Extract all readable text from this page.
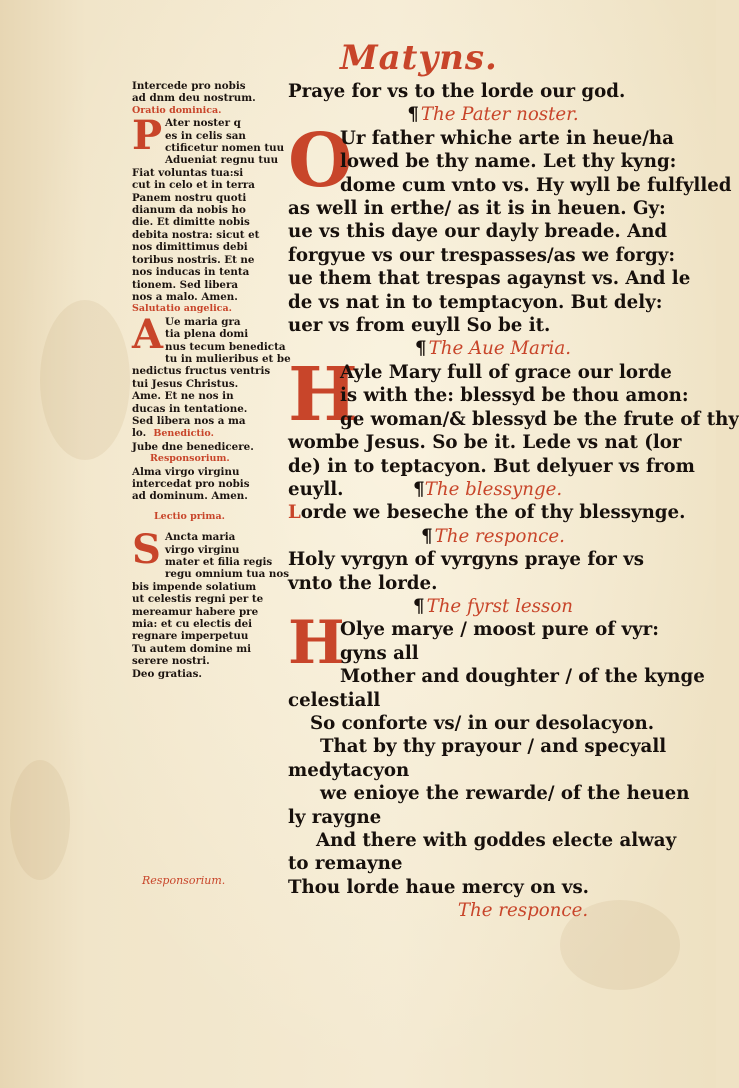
Matyns.
Intercede pro nobis
ad dnm deu nostrum.
Oratio dominica.
P Ater noster q
es in celis san
ctificetur nomen tuu
Adueniat regnu tuu
Fiat voluntas tua:si
cut in celo et in terra
Panem nostru quoti
dianum da nobis ho
die. Et dimitte nobis
debita nostra: sicut et
nos dimittimus debi
toribus nostris. Et ne
nos inducas in tenta
tionem. Sed libera
nos a malo. Amen.
Salutatio angelica.
A Ue maria gra
tia plena domi
nus tecum benedicta
tu in mulieribus et be
nedictus fructus ventris
tui Jesus Christus.
Ame. Et ne nos in
ducas in tentatione.
Sed libera nos a ma
lo. Benedictio.
Jube dne benedicere.
Responsorium.
Alma virgo virginu
intercedat pro nobis
ad dominum. Amen.
Lectio prima.
S Ancta maria
virgo virginu
mater et filia regis
regu omnium tua nos
bis impende solatium
ut celestis regni per te
mereamur habere pre
mia: et cu electis dei
regnare imperpetuu
Tu autem domine mi
serere nostri.
Deo gratias.
Responsorium.
Praye for vs to the lorde our god.
¶ The Pater noster.
O
Ur father whiche arte in heue/ha
lowed be thy name. Let thy kyng:
dome cum vnto vs. Hy wyll be fulfylled
as well in erthe/ as it is in heuen. Gy:
ue vs this daye our dayly breade. And
forgyue vs our trespasses/as we forgy:
ue them that trespas agaynst vs. And le
de vs nat in to temptacyon. But dely:
uer vs from euyll So be it.
¶ The Aue Maria.
H
Ayle Mary full of grace our lorde
is with the: blessyd be thou amon:
ge woman/& blessyd be the frute of thy
wombe Jesus. So be it. Lede vs nat (lor
de) in to teptacyon. But delyuer vs from
euyll.	¶The blessynge.
Lorde we beseche the of thy blessynge.
¶ The responce.
Holy vyrgyn of vyrgyns praye for vs
vnto the lorde.
¶ The fyrst lesson
H
Olye marye / moost pure of vyr:
gyns all
Mother and doughter / of the kynge
celestiall
So conforte vs/ in our desolacyon.
That by thy prayour / and specyall
medytacyon
we enioye the rewarde/ of the heuen
ly raygne
And there with goddes electe alway
to remayne
Thou lorde haue mercy on vs.
The responce.
